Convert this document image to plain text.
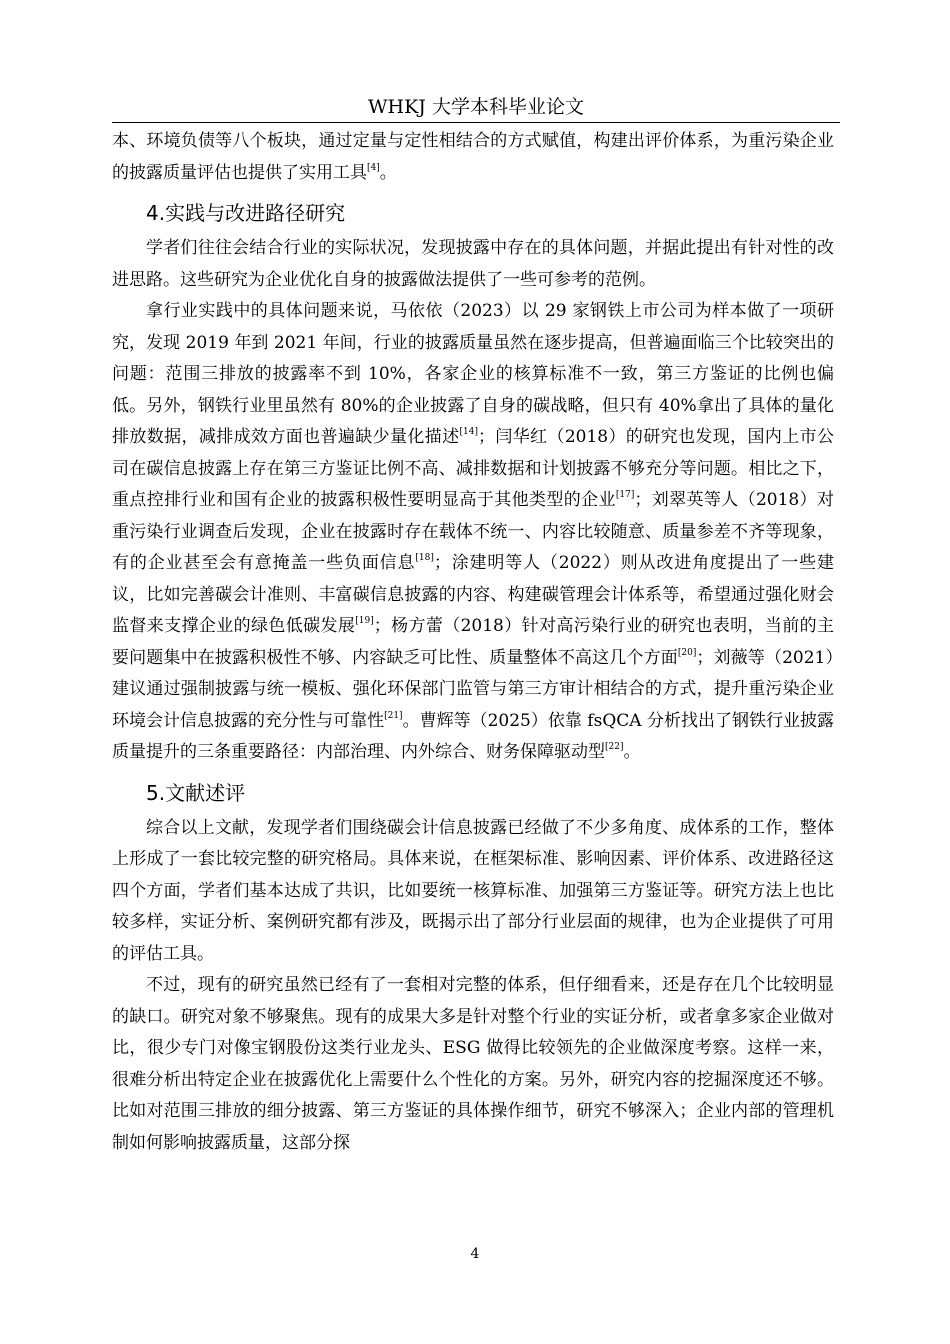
WHKJ 大学本科毕业论文

本、环境负债等八个板块，通过定量与定性相结合的方式赋值，构建出评价体系，为重污染企业的披露质量评估也提供了实用工具[4]。

4.实践与改进路径研究

学者们往往会结合行业的实际状况，发现披露中存在的具体问题，并据此提出有针对性的改进思路。这些研究为企业优化自身的披露做法提供了一些可参考的范例。

拿行业实践中的具体问题来说，马依依（2023）以 29 家钢铁上市公司为样本做了一项研究，发现 2019 年到 2021 年间，行业的披露质量虽然在逐步提高，但普遍面临三个比较突出的问题：范围三排放的披露率不到 10%，各家企业的核算标准不一致，第三方鉴证的比例也偏低。另外，钢铁行业里虽然有 80%的企业披露了自身的碳战略，但只有 40%拿出了具体的量化排放数据，减排成效方面也普遍缺少量化描述[14]；闫华红（2018）的研究也发现，国内上市公司在碳信息披露上存在第三方鉴证比例不高、减排数据和计划披露不够充分等问题。相比之下，重点控排行业和国有企业的披露积极性要明显高于其他类型的企业[17]；刘翠英等人（2018）对重污染行业调查后发现，企业在披露时存在载体不统一、内容比较随意、质量参差不齐等现象，有的企业甚至会有意掩盖一些负面信息[18]；涂建明等人（2022）则从改进角度提出了一些建议，比如完善碳会计准则、丰富碳信息披露的内容、构建碳管理会计体系等，希望通过强化财会监督来支撑企业的绿色低碳发展[19]；杨方蕾（2018）针对高污染行业的研究也表明，当前的主要问题集中在披露积极性不够、内容缺乏可比性、质量整体不高这几个方面[20]；刘薇等（2021）建议通过强制披露与统一模板、强化环保部门监管与第三方审计相结合的方式，提升重污染企业环境会计信息披露的充分性与可靠性[21]。曹辉等（2025）依靠 fsQCA 分析找出了钢铁行业披露质量提升的三条重要路径：内部治理、内外综合、财务保障驱动型[22]。

5.文献述评

综合以上文献，发现学者们围绕碳会计信息披露已经做了不少多角度、成体系的工作，整体上形成了一套比较完整的研究格局。具体来说，在框架标准、影响因素、评价体系、改进路径这四个方面，学者们基本达成了共识，比如要统一核算标准、加强第三方鉴证等。研究方法上也比较多样，实证分析、案例研究都有涉及，既揭示出了部分行业层面的规律，也为企业提供了可用的评估工具。

不过，现有的研究虽然已经有了一套相对完整的体系，但仔细看来，还是存在几个比较明显的缺口。研究对象不够聚焦。现有的成果大多是针对整个行业的实证分析，或者拿多家企业做对比，很少专门对像宝钢股份这类行业龙头、ESG 做得比较领先的企业做深度考察。这样一来，很难分析出特定企业在披露优化上需要什么个性化的方案。另外，研究内容的挖掘深度还不够。比如对范围三排放的细分披露、第三方鉴证的具体操作细节，研究不够深入；企业内部的管理机制如何影响披露质量，这部分探

4
